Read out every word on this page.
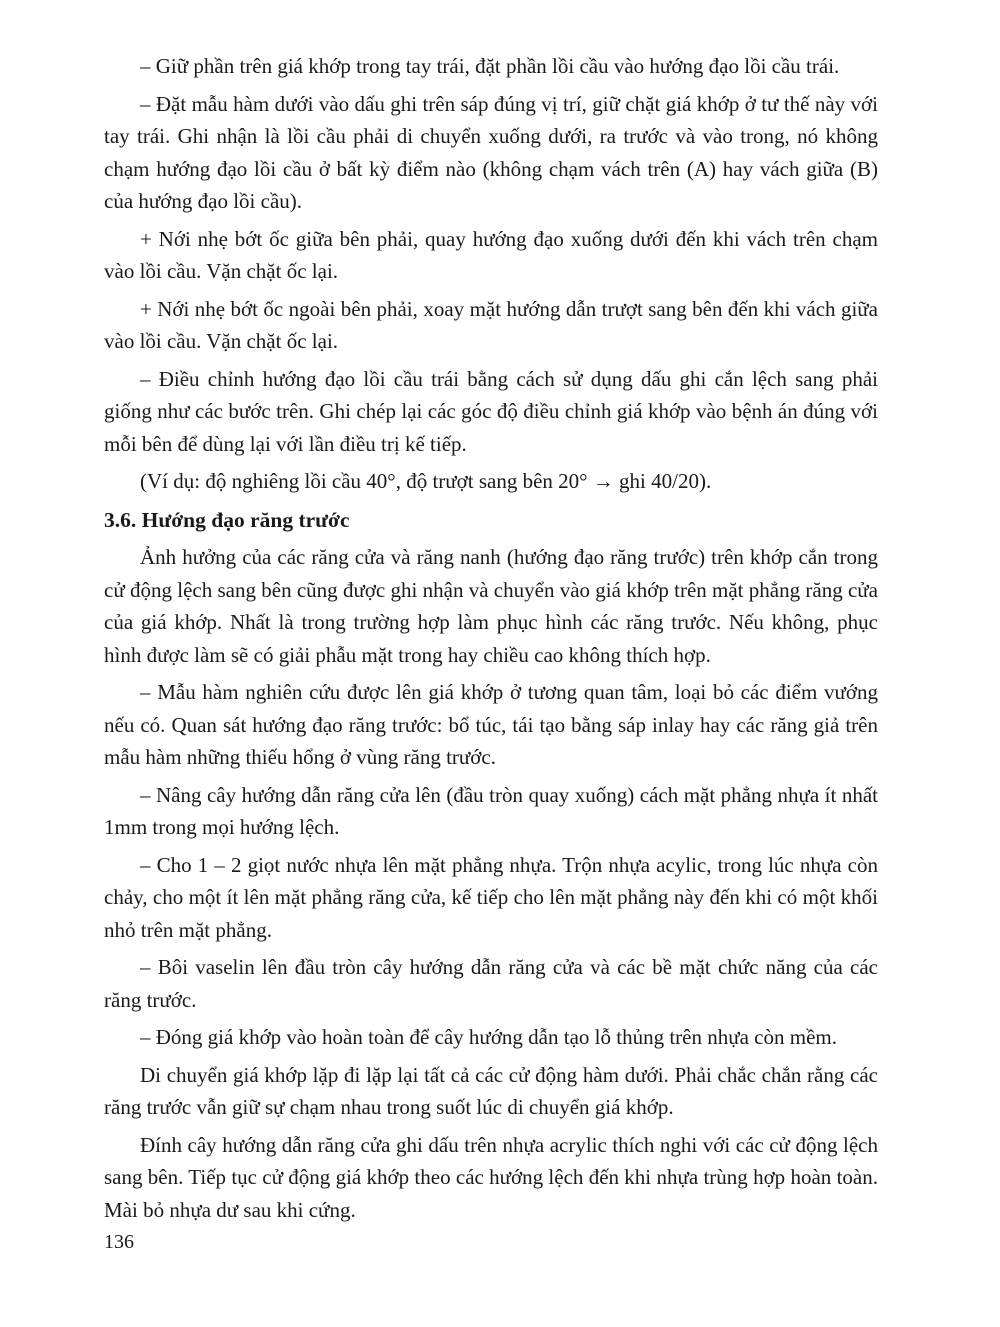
– Giữ phần trên giá khớp trong tay trái, đặt phần lồi cầu vào hướng đạo lồi cầu trái.

– Đặt mẫu hàm dưới vào dấu ghi trên sáp đúng vị trí, giữ chặt giá khớp ở tư thế này với tay trái. Ghi nhận là lồi cầu phải di chuyển xuống dưới, ra trước và vào trong, nó không chạm hướng đạo lồi cầu ở bất kỳ điểm nào (không chạm vách trên (A) hay vách giữa (B) của hướng đạo lồi cầu).

+ Nới nhẹ bớt ốc giữa bên phải, quay hướng đạo xuống dưới đến khi vách trên chạm vào lồi cầu. Vặn chặt ốc lại.

+ Nới nhẹ bớt ốc ngoài bên phải, xoay mặt hướng dẫn trượt sang bên đến khi vách giữa vào lồi cầu. Vặn chặt ốc lại.

– Điều chỉnh hướng đạo lồi cầu trái bằng cách sử dụng dấu ghi cắn lệch sang phải giống như các bước trên. Ghi chép lại các góc độ điều chỉnh giá khớp vào bệnh án đúng với mỗi bên để dùng lại với lần điều trị kế tiếp.

(Ví dụ: độ nghiêng lồi cầu 40°, độ trượt sang bên 20° → ghi 40/20).

3.6. Hướng đạo răng trước

Ảnh hưởng của các răng cửa và răng nanh (hướng đạo răng trước) trên khớp cắn trong cử động lệch sang bên cũng được ghi nhận và chuyển vào giá khớp trên mặt phẳng răng cửa của giá khớp. Nhất là trong trường hợp làm phục hình các răng trước. Nếu không, phục hình được làm sẽ có giải phẫu mặt trong hay chiều cao không thích hợp.

– Mẫu hàm nghiên cứu được lên giá khớp ở tương quan tâm, loại bỏ các điểm vướng nếu có. Quan sát hướng đạo răng trước: bổ túc, tái tạo bằng sáp inlay hay các răng giả trên mẫu hàm những thiếu hổng ở vùng răng trước.

– Nâng cây hướng dẫn răng cửa lên (đầu tròn quay xuống) cách mặt phẳng nhựa ít nhất 1mm trong mọi hướng lệch.

– Cho 1 – 2 giọt nước nhựa lên mặt phẳng nhựa. Trộn nhựa acylic, trong lúc nhựa còn chảy, cho một ít lên mặt phẳng răng cửa, kế tiếp cho lên mặt phẳng này đến khi có một khối nhỏ trên mặt phẳng.

– Bôi vaselin lên đầu tròn cây hướng dẫn răng cửa và các bề mặt chức năng của các răng trước.

– Đóng giá khớp vào hoàn toàn để cây hướng dẫn tạo lỗ thủng trên nhựa còn mềm.

Di chuyển giá khớp lặp đi lặp lại tất cả các cử động hàm dưới. Phải chắc chắn rằng các răng trước vẫn giữ sự chạm nhau trong suốt lúc di chuyển giá khớp.

Đính cây hướng dẫn răng cửa ghi dấu trên nhựa acrylic thích nghi với các cử động lệch sang bên. Tiếp tục cử động giá khớp theo các hướng lệch đến khi nhựa trùng hợp hoàn toàn. Mài bỏ nhựa dư sau khi cứng.

136
